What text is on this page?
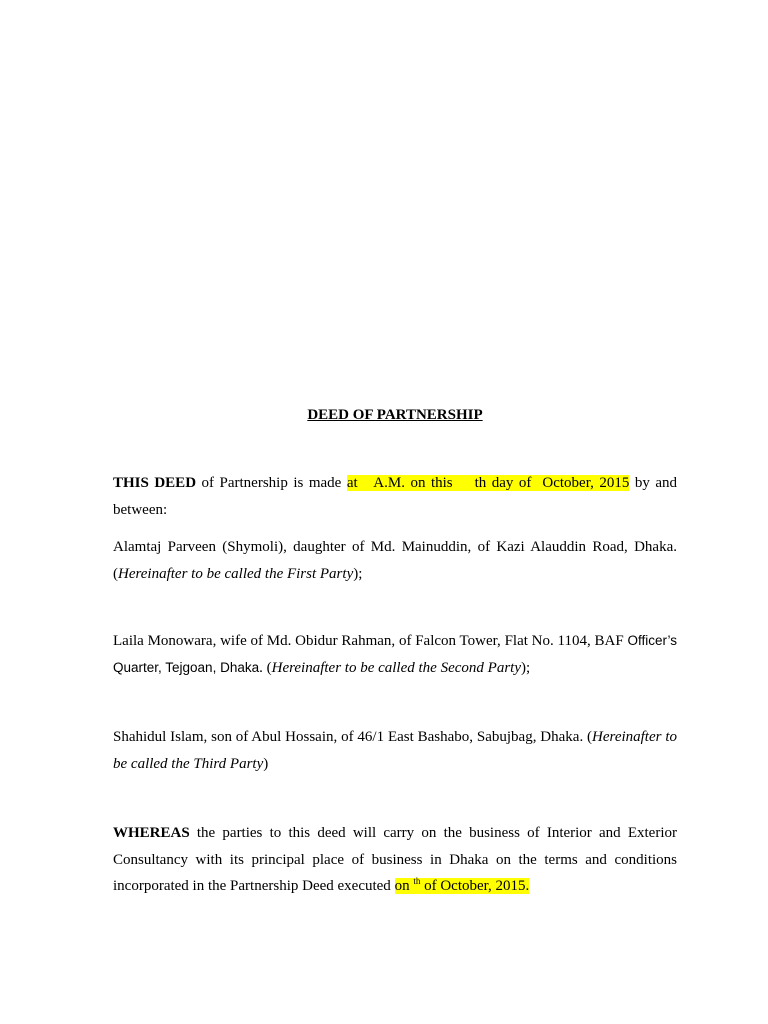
DEED OF PARTNERSHIP
THIS DEED of Partnership is made at   A.M. on this    th day of  October, 2015 by and between:
Alamtaj Parveen (Shymoli), daughter of Md. Mainuddin, of Kazi Alauddin Road, Dhaka. (Hereinafter to be called the First Party);
Laila Monowara, wife of Md. Obidur Rahman, of Falcon Tower, Flat No. 1104, BAF Officer’s Quarter, Tejgoan, Dhaka. (Hereinafter to be called the Second Party);
Shahidul Islam, son of Abul Hossain, of 46/1 East Bashabo, Sabujbag, Dhaka. (Hereinafter to be called the Third Party)
WHEREAS the parties to this deed will carry on the business of Interior and Exterior Consultancy with its principal place of business in Dhaka on the terms and conditions incorporated in the Partnership Deed executed on $^{th}$ of October, 2015.
